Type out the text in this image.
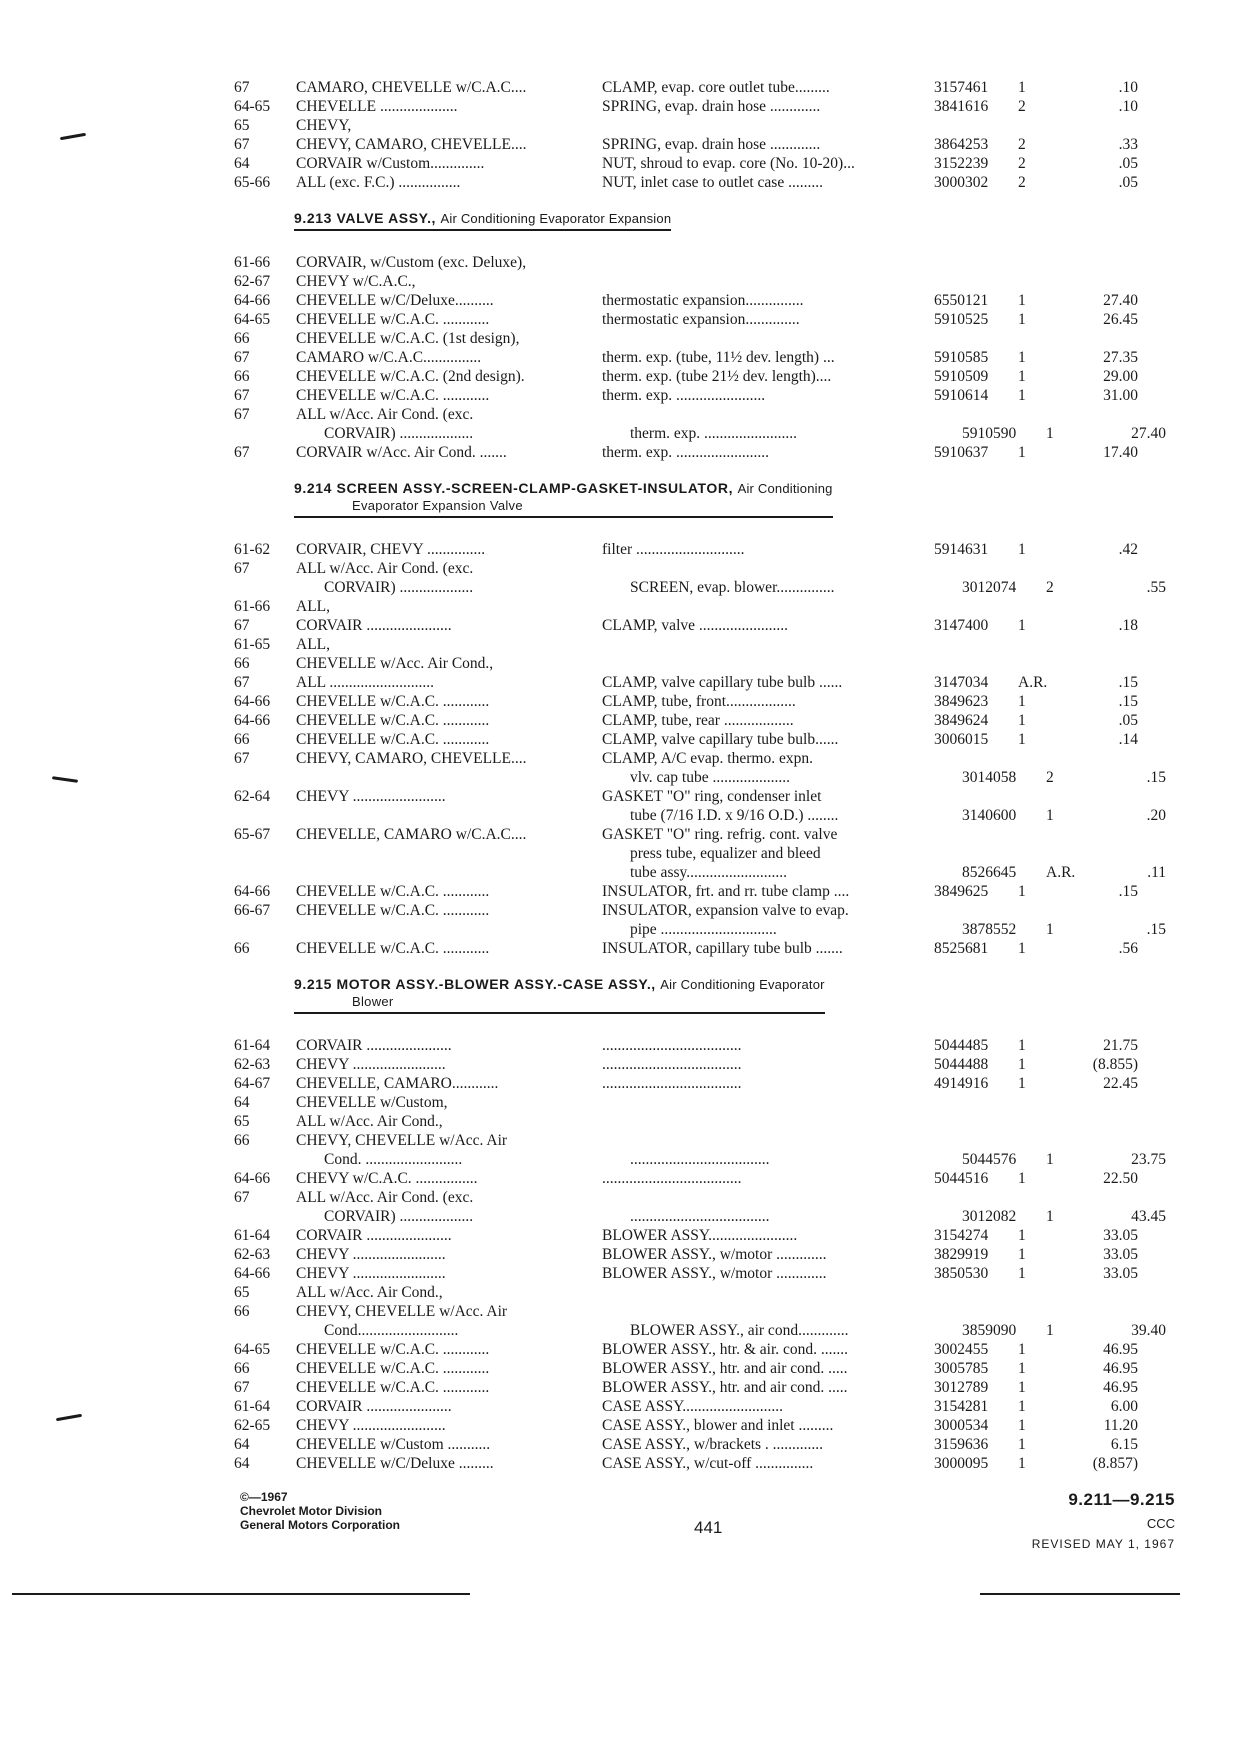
67	CAMARO, CHEVELLE w/C.A.C....	CLAMP, evap. core outlet tube.........	3157461	1	.10
64-65	CHEVELLE ....................	SPRING, evap. drain hose .............	3841616	2	.10
65	CHEVY,
67	CHEVY, CAMARO, CHEVELLE....	SPRING, evap. drain hose .............	3864253	2	.33
64	CORVAIR w/Custom..............	NUT, shroud to evap. core (No. 10-20)...	3152239	2	.05
65-66	ALL (exc. F.C.) ................	NUT, inlet case to outlet case .........	3000302	2	.05
9.213 VALVE ASSY., Air Conditioning Evaporator Expansion
61-66	CORVAIR, w/Custom (exc. Deluxe),
62-67	CHEVY w/C.A.C.,
64-66	CHEVELLE w/C/Deluxe..........	thermostatic expansion...............	6550121	1	27.40
64-65	CHEVELLE w/C.A.C. ............	thermostatic expansion..............	5910525	1	26.45
66	CHEVELLE w/C.A.C. (1st design),
67	CAMARO w/C.A.C...............	therm. exp. (tube, 11½ dev. length) ...	5910585	1	27.35
66	CHEVELLE w/C.A.C. (2nd design).	therm. exp. (tube 21½ dev. length)....	5910509	1	29.00
67	CHEVELLE w/C.A.C. ............	therm. exp. .......................	5910614	1	31.00
67	ALL w/Acc. Air Cond. (exc.
CORVAIR) ...................	therm. exp. ........................	5910590	1	27.40
67	CORVAIR w/Acc. Air Cond. .......	therm. exp. ........................	5910637	1	17.40
9.214 SCREEN ASSY.-SCREEN-CLAMP-GASKET-INSULATOR, Air Conditioning
Evaporator Expansion Valve
61-62	CORVAIR, CHEVY ...............	filter ............................	5914631	1	.42
67	ALL w/Acc. Air Cond. (exc.
CORVAIR) ...................	SCREEN, evap. blower...............	3012074	2	.55
61-66	ALL,
67	CORVAIR ......................	CLAMP, valve .......................	3147400	1	.18
61-65	ALL,
66	CHEVELLE w/Acc. Air Cond.,
67	ALL ...........................	CLAMP, valve capillary tube bulb ......	3147034	A.R.	.15
64-66	CHEVELLE w/C.A.C. ............	CLAMP, tube, front..................	3849623	1	.15
64-66	CHEVELLE w/C.A.C. ............	CLAMP, tube, rear ..................	3849624	1	.05
66	CHEVELLE w/C.A.C. ............	CLAMP, valve capillary tube bulb......	3006015	1	.14
67	CHEVY, CAMARO, CHEVELLE....	CLAMP, A/C evap. thermo. expn.
vlv. cap tube ....................	3014058	2	.15
62-64	CHEVY ........................	GASKET "O" ring, condenser inlet
tube (7/16 I.D. x 9/16 O.D.) ........	3140600	1	.20
65-67	CHEVELLE, CAMARO w/C.A.C....	GASKET "O" ring. refrig. cont. valve
press tube, equalizer and bleed
tube assy..........................	8526645	A.R.	.11
64-66	CHEVELLE w/C.A.C. ............	INSULATOR, frt. and rr. tube clamp ....	3849625	1	.15
66-67	CHEVELLE w/C.A.C. ............	INSULATOR, expansion valve to evap.
pipe ..............................	3878552	1	.15
66	CHEVELLE w/C.A.C. ............	INSULATOR, capillary tube bulb .......	8525681	1	.56
9.215 MOTOR ASSY.-BLOWER ASSY.-CASE ASSY., Air Conditioning Evaporator
Blower
61-64	CORVAIR ......................	....................................	5044485	1	21.75
62-63	CHEVY ........................	....................................	5044488	1	(8.855)
64-67	CHEVELLE, CAMARO............	....................................	4914916	1	22.45
64	CHEVELLE w/Custom,
65	ALL w/Acc. Air Cond.,
66	CHEVY, CHEVELLE w/Acc. Air
Cond. .........................	....................................	5044576	1	23.75
64-66	CHEVY w/C.A.C. ................	....................................	5044516	1	22.50
67	ALL w/Acc. Air Cond. (exc.
CORVAIR) ...................	....................................	3012082	1	43.45
61-64	CORVAIR ......................	BLOWER ASSY.......................	3154274	1	33.05
62-63	CHEVY ........................	BLOWER ASSY., w/motor .............	3829919	1	33.05
64-66	CHEVY ........................	BLOWER ASSY., w/motor .............	3850530	1	33.05
65	ALL w/Acc. Air Cond.,
66	CHEVY, CHEVELLE w/Acc. Air
Cond..........................	BLOWER ASSY., air cond.............	3859090	1	39.40
64-65	CHEVELLE w/C.A.C. ............	BLOWER ASSY., htr. & air. cond. .......	3002455	1	46.95
66	CHEVELLE w/C.A.C. ............	BLOWER ASSY., htr. and air cond. .....	3005785	1	46.95
67	CHEVELLE w/C.A.C. ............	BLOWER ASSY., htr. and air cond. .....	3012789	1	46.95
61-64	CORVAIR ......................	CASE ASSY..........................	3154281	1	6.00
62-65	CHEVY ........................	CASE ASSY., blower and inlet .........	3000534	1	11.20
64	CHEVELLE w/Custom ...........	CASE ASSY., w/brackets . .............	3159636	1	6.15
64	CHEVELLE w/C/Deluxe .........	CASE ASSY., w/cut-off ...............	3000095	1	(8.857)
©—1967
Chevrolet Motor Division
General Motors Corporation	441
9.211—9.215
CCC
REVISED MAY 1, 1967
